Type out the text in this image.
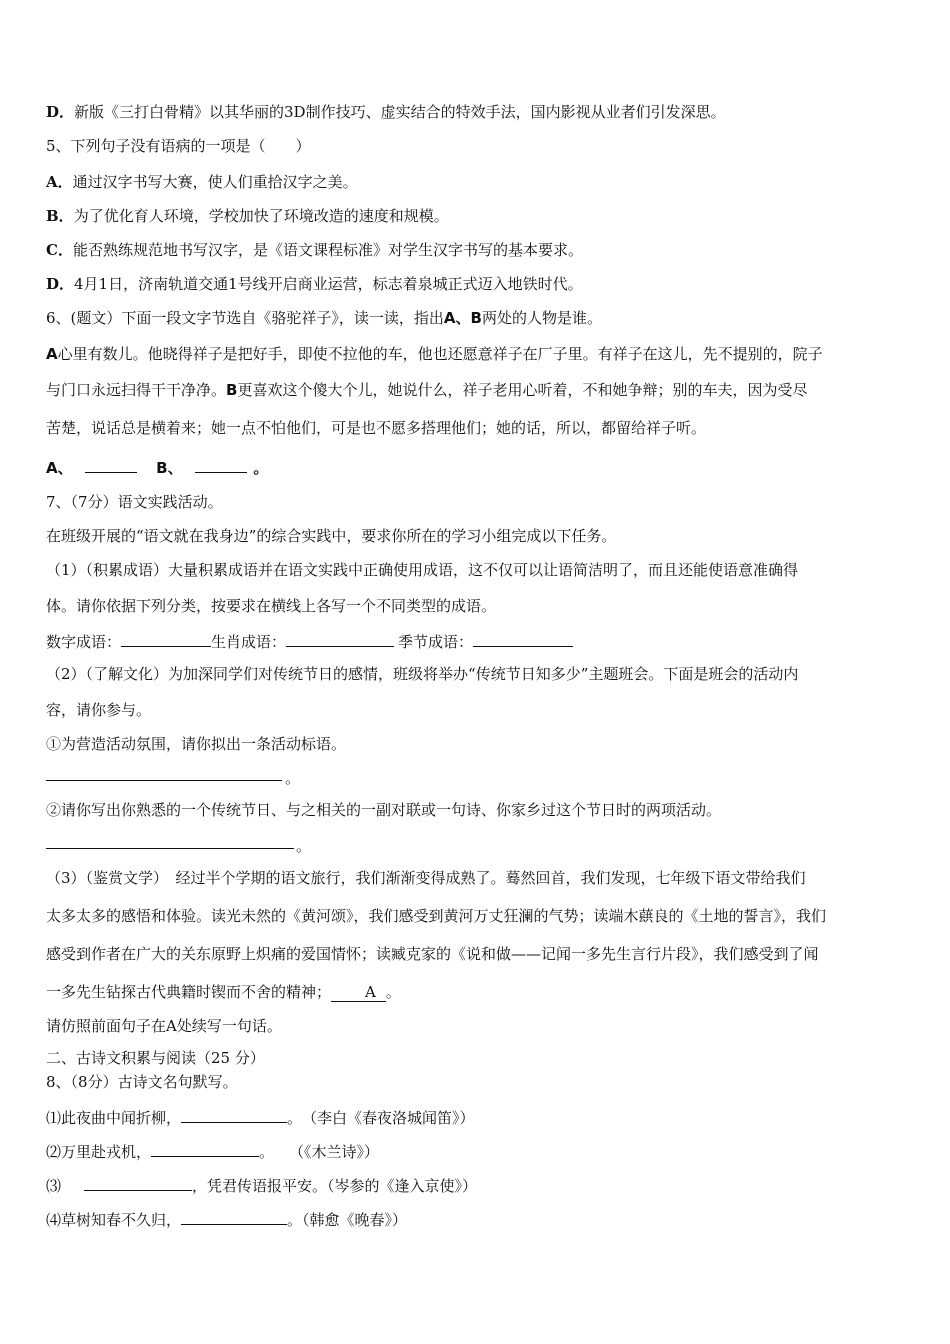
D．新版《三打白骨精》以其华丽的3D制作技巧、虚实结合的特效手法，国内影视从业者们引发深思。
5、下列句子没有语病的一项是（　　）
A．通过汉字书写大赛，使人们重拾汉字之美。
B．为了优化育人环境，学校加快了环境改造的速度和规模。
C．能否熟练规范地书写汉字，是《语文课程标准》对学生汉字书写的基本要求。
D．4月1日，济南轨道交通1号线开启商业运营，标志着泉城正式迈入地铁时代。
6、(题文）下面一段文字节选自《骆驼祥子》，读一读，指出A、B两处的人物是谁。
A心里有数儿。他晓得祥子是把好手，即使不拉他的车，他也还愿意祥子在厂子里。有祥子在这儿，先不提别的，院子
与门口永远扫得干干净净。B更喜欢这个傻大个儿，她说什么，祥子老用心听着，不和她争辩；别的车夫，因为受尽
苦楚，说话总是横着来；她一点不怕他们，可是也不愿多搭理他们；她的话，所以，都留给祥子听。
A、	B、	。
7、（7分）语文实践活动。
在班级开展的“语文就在我身边”的综合实践中，要求你所在的学习小组完成以下任务。
（1）（积累成语）大量积累成语并在语文实践中正确使用成语，这不仅可以让语简洁明了，而且还能使语意准确得
体。请你依据下列分类，按要求在横线上各写一个不同类型的成语。
数字成语：	生肖成语：	季节成语：
（2）（了解文化）为加深同学们对传统节日的感情，班级将举办“传统节日知多少”主题班会。下面是班会的活动内
容，请你参与。
①为营造活动氛围，请你拟出一条活动标语。
。
②请你写出你熟悉的一个传统节日、与之相关的一副对联或一句诗、你家乡过这个节日时的两项活动。
。
（3）（鉴赏文学）　经过半个学期的语文旅行，我们渐渐变得成熟了。蓦然回首，我们发现，七年级下语文带给我们
太多太多的感悟和体验。读光未然的《黄河颂》，我们感受到黄河万丈狂澜的气势；读端木蕻良的《土地的誓言》，我们
感受到作者在广大的关东原野上炽痛的爱国情怀；读臧克家的《说和做——记闻一多先生言行片段》，我们感受到了闻
一多先生钻探古代典籍时锲而不舍的精神； A 。
请仿照前面句子在A处续写一句话。
二、古诗文积累与阅读（25 分）
8、（8分）古诗文名句默写。
⑴此夜曲中闻折柳，	。　（李白《春夜洛城闻笛》）
⑵万里赴戎机，	。　　（《木兰诗》）
⑶　	，凭君传语报平安。（岑参的《逢入京使》）
⑷草树知春不久归，	。（韩愈《晚春》）
